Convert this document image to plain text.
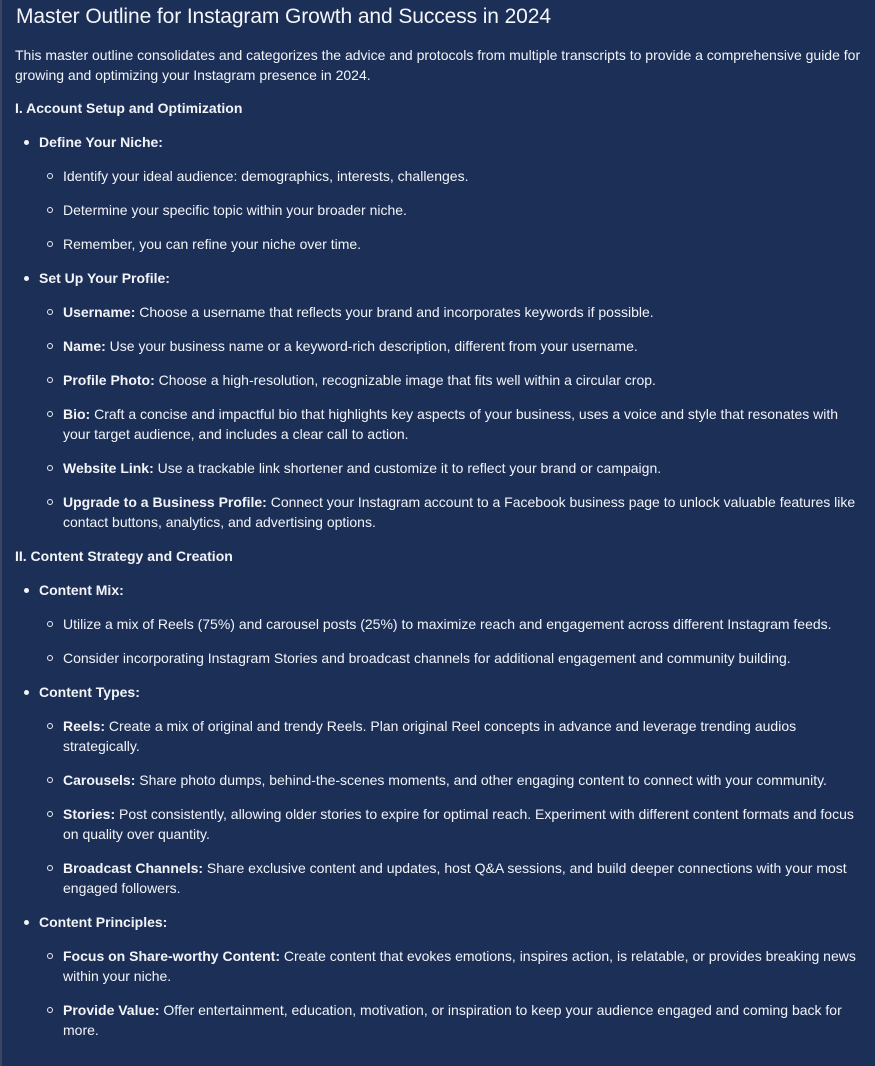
Master Outline for Instagram Growth and Success in 2024

This master outline consolidates and categorizes the advice and protocols from multiple transcripts to provide a comprehensive guide for growing and optimizing your Instagram presence in 2024.

I. Account Setup and Optimization
Define Your Niche:
Identify your ideal audience: demographics, interests, challenges.
Determine your specific topic within your broader niche.
Remember, you can refine your niche over time.
Set Up Your Profile:
Username: Choose a username that reflects your brand and incorporates keywords if possible.
Name: Use your business name or a keyword-rich description, different from your username.
Profile Photo: Choose a high-resolution, recognizable image that fits well within a circular crop.
Bio: Craft a concise and impactful bio that highlights key aspects of your business, uses a voice and style that resonates with your target audience, and includes a clear call to action.
Website Link: Use a trackable link shortener and customize it to reflect your brand or campaign.
Upgrade to a Business Profile: Connect your Instagram account to a Facebook business page to unlock valuable features like contact buttons, analytics, and advertising options.
II. Content Strategy and Creation
Content Mix:
Utilize a mix of Reels (75%) and carousel posts (25%) to maximize reach and engagement across different Instagram feeds.
Consider incorporating Instagram Stories and broadcast channels for additional engagement and community building.
Content Types:
Reels: Create a mix of original and trendy Reels. Plan original Reel concepts in advance and leverage trending audios strategically.
Carousels: Share photo dumps, behind-the-scenes moments, and other engaging content to connect with your community.
Stories: Post consistently, allowing older stories to expire for optimal reach. Experiment with different content formats and focus on quality over quantity.
Broadcast Channels: Share exclusive content and updates, host Q&A sessions, and build deeper connections with your most engaged followers.
Content Principles:
Focus on Share-worthy Content: Create content that evokes emotions, inspires action, is relatable, or provides breaking news within your niche.
Provide Value: Offer entertainment, education, motivation, or inspiration to keep your audience engaged and coming back for more.
